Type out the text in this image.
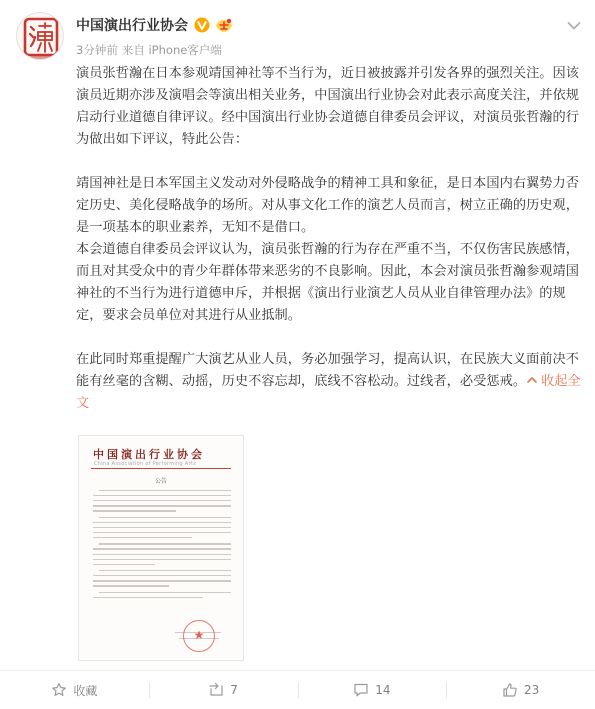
中国演出行业协会
3分钟前 来自 iPhone客户端

演员张哲瀚在日本参观靖国神社等不当行为，近日被披露并引发各界的强烈关注。因该演员近期亦涉及演唱会等演出相关业务，中国演出行业协会对此表示高度关注，并依规启动行业道德自律评议。经中国演出行业协会道德自律委员会评议，对演员张哲瀚的行为做出如下评议，特此公告：

靖国神社是日本军国主义发动对外侵略战争的精神工具和象征，是日本国内右翼势力否定历史、美化侵略战争的场所。对从事文化工作的演艺人员而言，树立正确的历史观，是一项基本的职业素养，无知不是借口。

本会道德自律委员会评议认为，演员张哲瀚的行为存在严重不当，不仅伤害民族感情，而且对其受众中的青少年群体带来恶劣的不良影响。因此，本会对演员张哲瀚参观靖国神社的不当行为进行道德申斥，并根据《演出行业演艺人员从业自律管理办法》的规定，要求会员单位对其进行从业抵制。

在此同时郑重提醒广大演艺从业人员，务必加强学习，提高认识，在民族大义面前决不能有丝毫的含糊、动摇，历史不容忘却，底线不容松动。过线者，必受惩戒。 收起全文

中国演出行业协会
China Association of Performing Arts
公告
★
收藏	7	14	23
